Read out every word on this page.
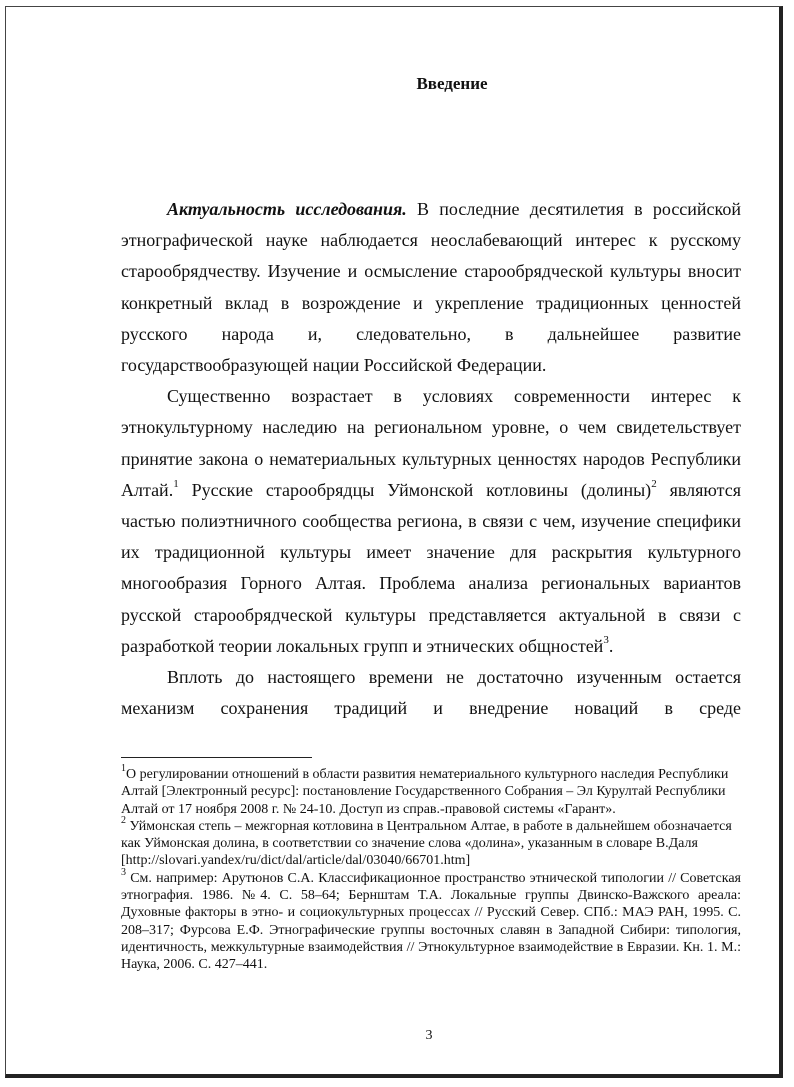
Введение

Актуальность исследования. В последние десятилетия в российской этнографической науке наблюдается неослабевающий интерес к русскому старообрядчеству. Изучение и осмысление старообрядческой культуры вносит конкретный вклад в возрождение и укрепление традиционных ценностей русского народа и, следовательно, в дальнейшее развитие государствообразующей нации Российской Федерации.

Существенно возрастает в условиях современности интерес к этнокультурному наследию на региональном уровне, о чем свидетельствует принятие закона о нематериальных культурных ценностях народов Республики Алтай.$^1$ Русские старообрядцы Уймонской котловины (долины)$^2$ являются частью полиэтничного сообщества региона, в связи с чем, изучение специфики их традиционной культуры имеет значение для раскрытия культурного многообразия Горного Алтая. Проблема анализа региональных вариантов русской старообрядческой культуры представляется актуальной в связи с разработкой теории локальных групп и этнических общностей$^3$.

Вплоть до настоящего времени не достаточно изученным остается механизм сохранения традиций и внедрение новаций в среде

$^1$О регулировании отношений в области развития нематериального культурного наследия Республики Алтай [Электронный ресурс]: постановление Государственного Собрания – Эл Курултай Республики Алтай от 17 ноября 2008 г. № 24-10. Доступ из справ.-правовой системы «Гарант».

$^2$ Уймонская степь – межгорная котловина в Центральном Алтае, в работе в дальнейшем обозначается как Уймонская долина, в соответствии со значение слова «долина», указанным в словаре В.Даля [http://slovari.yandex/ru/dict/dal/article/dal/03040/66701.htm]

$^3$ См. например: Арутюнов С.А. Классификационное пространство этнической типологии // Советская этнография. 1986. №4. С. 58–64; Бернштам Т.А. Локальные группы Двинско-Важского ареала: Духовные факторы в этно- и социокультурных процессах // Русский Север. СПб.: МАЭ РАН, 1995. С. 208–317; Фурсова Е.Ф. Этнографические группы восточных славян в Западной Сибири: типология, идентичность, межкультурные взаимодействия // Этнокультурное взаимодействие в Евразии. Кн. 1. М.: Наука, 2006. С. 427–441.

3
